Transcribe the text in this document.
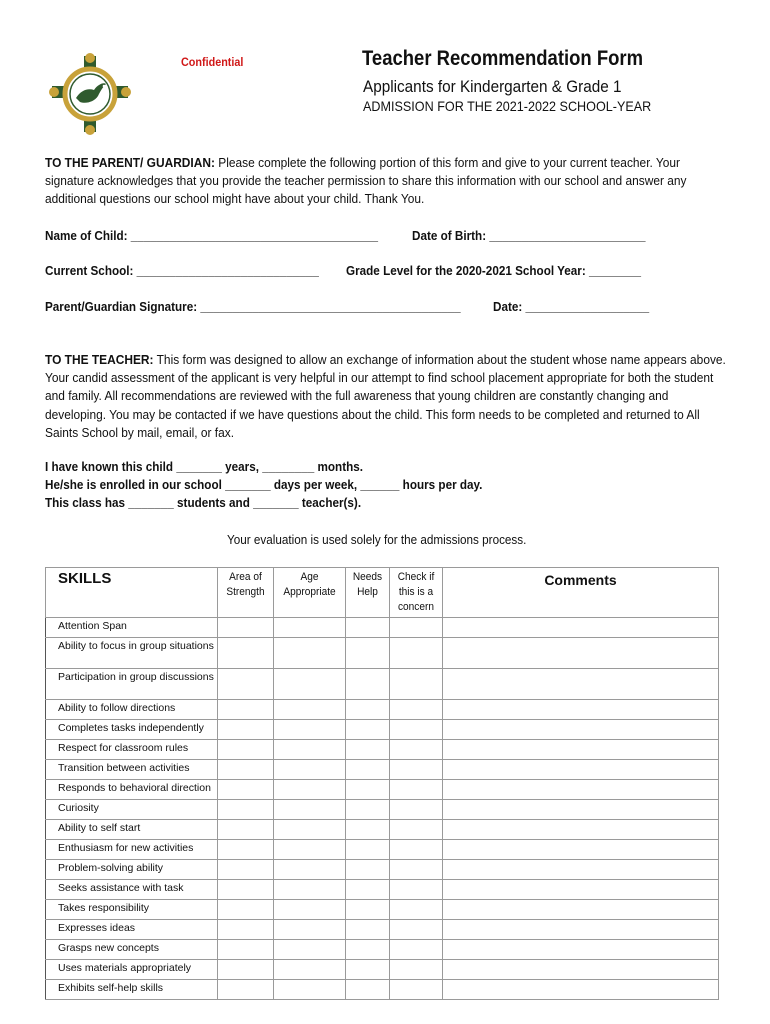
Confidential	Teacher Recommendation Form
Applicants for Kindergarten & Grade 1
ADMISSION FOR THE 2021-2022 SCHOOL-YEAR
TO THE PARENT/ GUARDIAN: Please complete the following portion of this form and give to your current teacher. Your signature acknowledges that you provide the teacher permission to share this information with our school and answer any additional questions our school might have about your child. Thank You.
Name of Child: ______________________________________	Date of Birth: ________________________
Current School: ____________________________ Grade Level for the 2020-2021 School Year: ________
Parent/Guardian Signature: ________________________________________ Date: ___________________
TO THE TEACHER: This form was designed to allow an exchange of information about the student whose name appears above. Your candid assessment of the applicant is very helpful in our attempt to find school placement appropriate for both the student and family. All recommendations are reviewed with the full awareness that young children are constantly changing and developing. You may be contacted if we have questions about the child. This form needs to be completed and returned to All Saints School by mail, email, or fax.
I have known this child _______ years, ________ months.
He/she is enrolled in our school _______ days per week, ______ hours per day.
This class has _______ students and _______ teacher(s).
Your evaluation is used solely for the admissions process.
SKILLS	Area of Strength	Age Appropriate	Needs Help	Check if this is a concern	Comments
Attention Span					
Ability to focus in group situations					
Participation in group discussions					
Ability to follow directions					
Completes tasks independently					
Respect for classroom rules					
Transition between activities					
Responds to behavioral direction					
Curiosity					
Ability to self start					
Enthusiasm for new activities					
Problem-solving ability					
Seeks assistance with task					
Takes responsibility					
Expresses ideas					
Grasps new concepts					
Uses materials appropriately					
Exhibits self-help skills					
